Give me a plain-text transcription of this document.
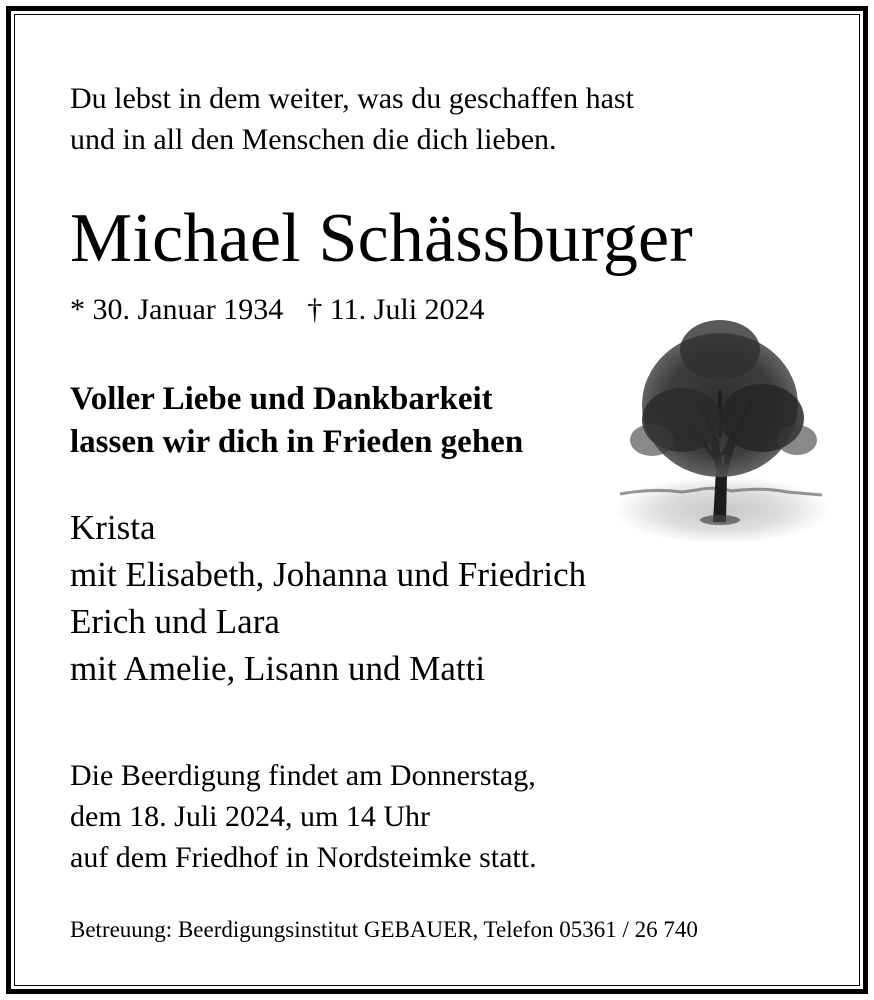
Du lebst in dem weiter, was du geschaffen hast
und in all den Menschen die dich lieben.
Michael Schässburger
* 30. Januar 1934 † 11. Juli 2024
Voller Liebe und Dankbarkeit
lassen wir dich in Frieden gehen
Krista
mit Elisabeth, Johanna und Friedrich
Erich und Lara
mit Amelie, Lisann und Matti
Die Beerdigung findet am Donnerstag,
dem 18. Juli 2024, um 14 Uhr
auf dem Friedhof in Nordsteimke statt.
Betreuung: Beerdigungsinstitut GEBAUER, Telefon 05361 / 26 740
